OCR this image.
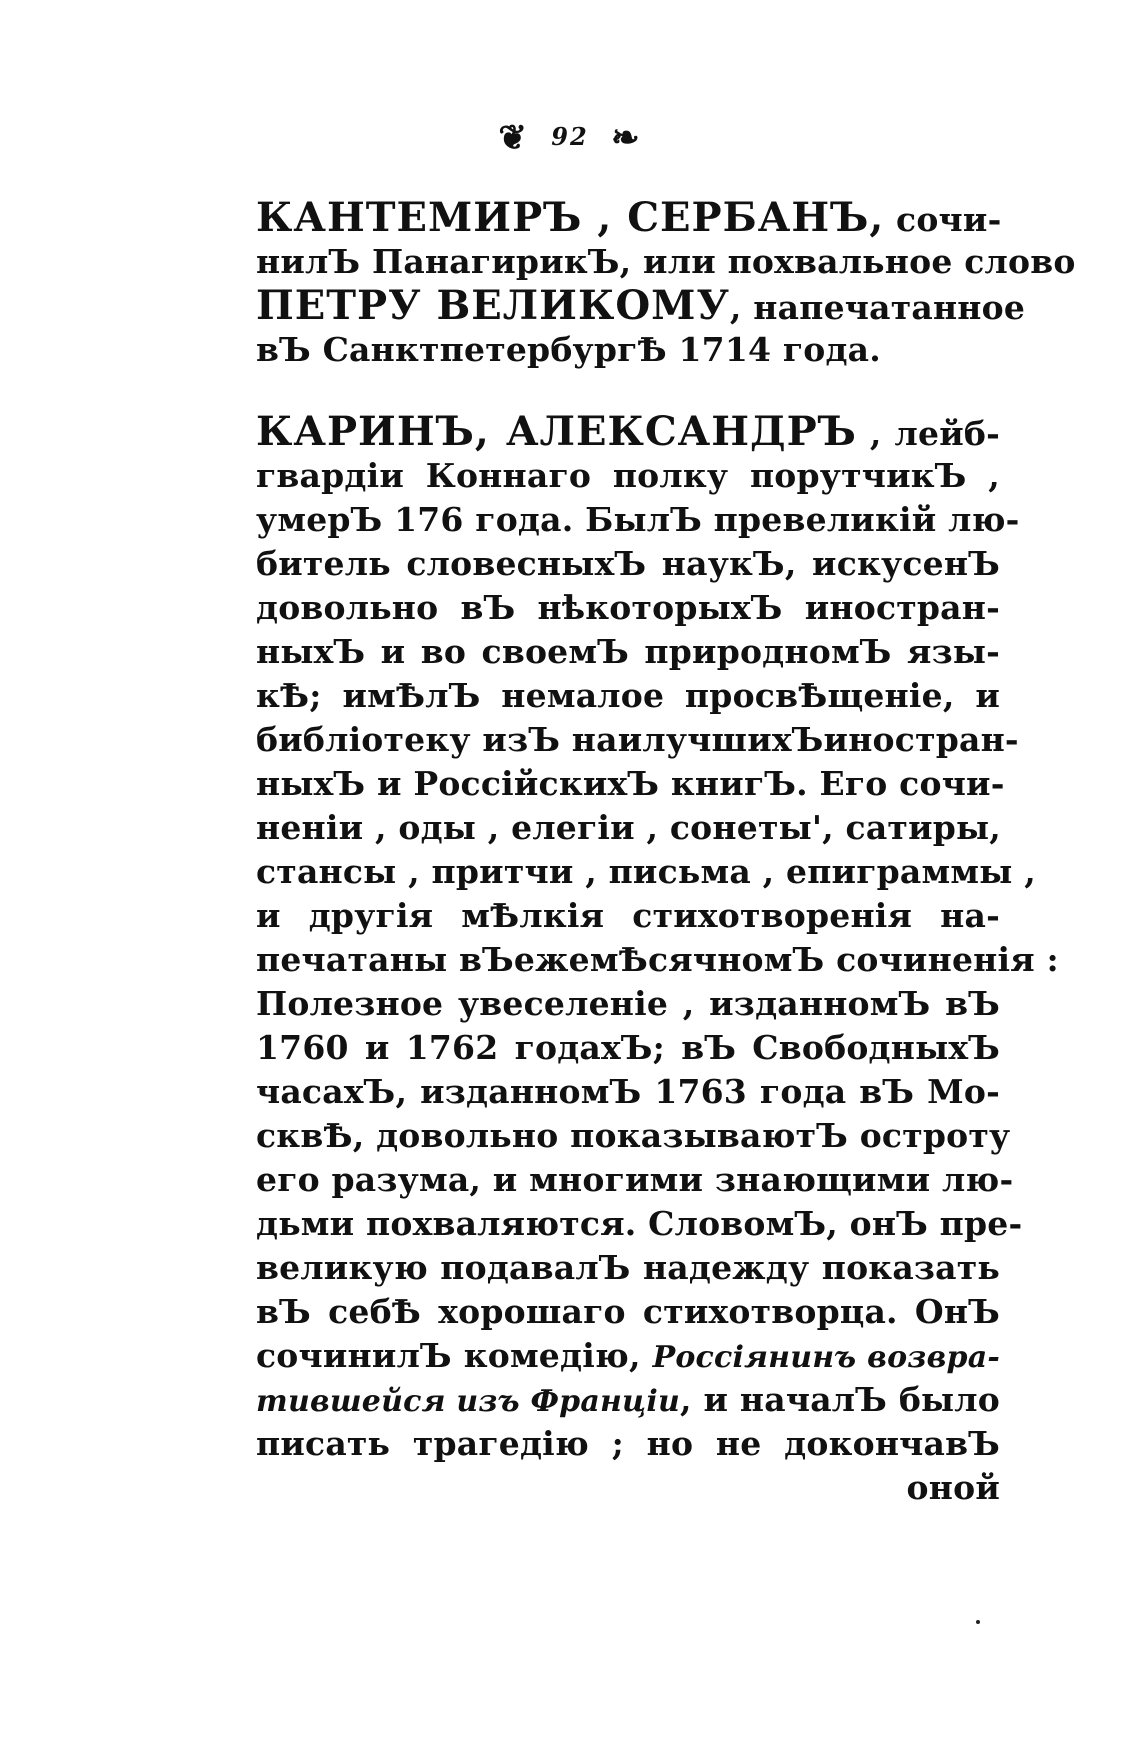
❦ 92 ❧
КАНТЕМИРЪ , СЕРБАНЪ, сочи-
нилЪ ПанагирикЪ, или похвальное слово
ПЕТРУ ВЕЛИКОМУ, напечатанное
вЪ СанктпетербургѢ 1714 года.
КАРИНЪ, АЛЕКСАНДРЪ , лейб-
гвардіи Коннаго полку порутчикЪ ,
умерЪ 176 года. БылЪ превеликій лю-
битель словесныхЪ наукЪ, искусенЪ
довольно вЪ нѣкоторыхЪ иностран-
ныхЪ и во своемЪ природномЪ язы-
кѢ; имѢлЪ немалое просвѢщеніе, и
библіотеку изЪ наилучшихЪиностран-
ныхЪ и РоссійскихЪ книгЪ. Его сочи-
неніи , оды , елегіи , сонеты', сатиры,
стансы , притчи , письма , епиграммы ,
и другія мѢлкія стихотворенія на-
печатаны вЪежемѢсячномЪ сочиненія :
Полезное увеселеніе , изданномЪ вЪ
1760 и 1762 годахЪ; вЪ СвободныхЪ
часахЪ, изданномЪ 1763 года вЪ Мо-
сквѢ, довольно показываютЪ остроту
его разума, и многими знающими лю-
дьми похваляются. СловомЪ, онЪ пре-
великую подавалЪ надежду показать
вЪ себѢ хорошаго стихотворца. ОнЪ
сочинилЪ комедію, Россіянинъ возвра-
тившейся изъ Франціи, и началЪ было
писать трагедію ; но не докончавЪ
оной
